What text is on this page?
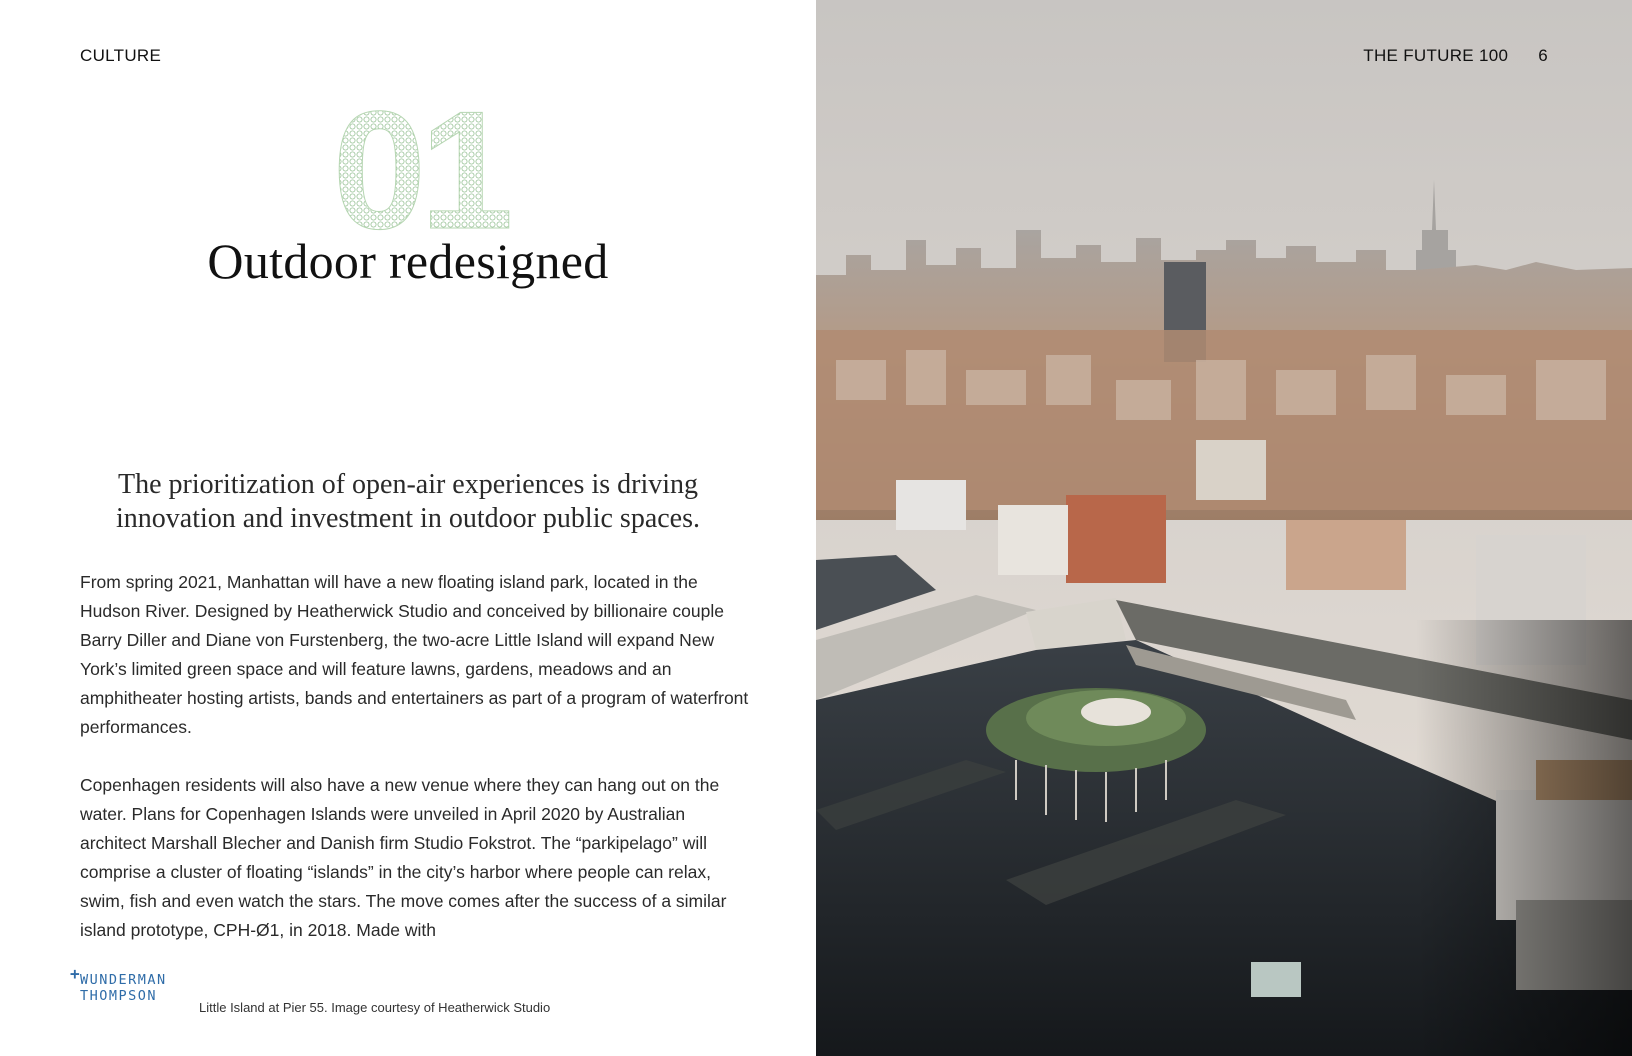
CULTURE
01
Outdoor redesigned
The prioritization of open-air experiences is driving innovation and investment in outdoor public spaces.
From spring 2021, Manhattan will have a new floating island park, located in the Hudson River. Designed by Heatherwick Studio and conceived by billionaire couple Barry Diller and Diane von Furstenberg, the two-acre Little Island will expand New York’s limited green space and will feature lawns, gardens, meadows and an amphitheater hosting artists, bands and entertainers as part of a program of waterfront performances.
Copenhagen residents will also have a new venue where they can hang out on the water. Plans for Copenhagen Islands were unveiled in April 2020 by Australian architect Marshall Blecher and Danish firm Studio Fokstrot. The “parkipelago” will comprise a cluster of floating “islands” in the city’s harbor where people can relax, swim, fish and even watch the stars. The move comes after the success of a similar island prototype, CPH-Ø1, in 2018. Made with
+ WUNDERMAN
THOMPSON
Little Island at Pier 55. Image courtesy of Heatherwick Studio
THE FUTURE 100 6
